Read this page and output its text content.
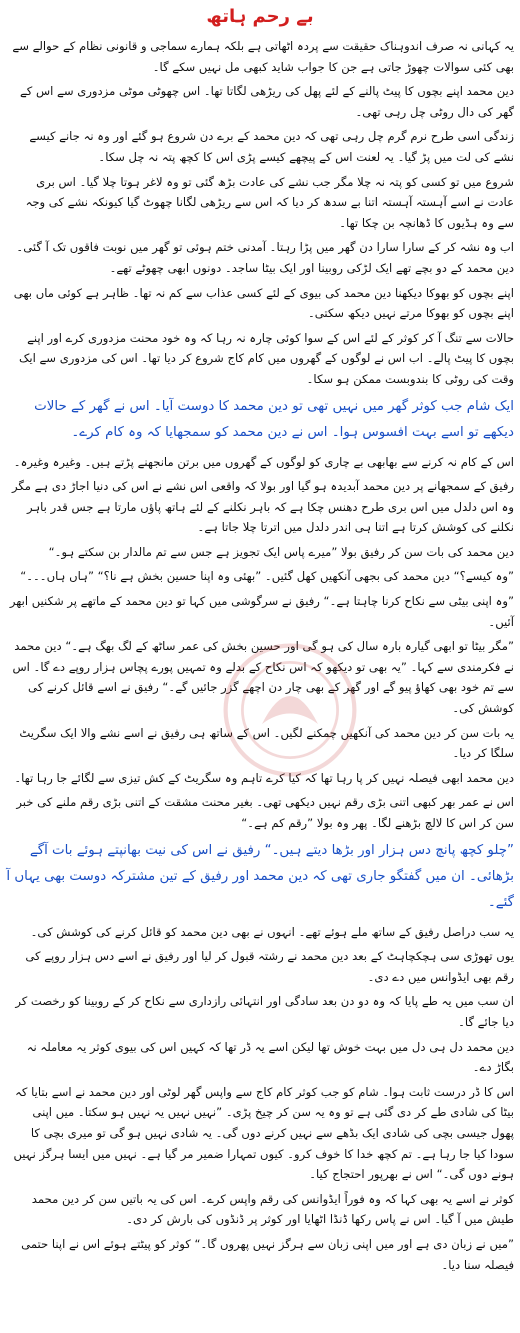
بے رحم ہاتھ

یہ کہانی نہ صرف اندوہناک حقیقت سے پردہ اٹھاتی ہے بلکہ ہمارے سماجی و قانونی نظام کے حوالے سے بھی کئی سوالات چھوڑ جاتی ہے جن کا جواب شاید کبھی مل نہیں سکے گا۔

دین محمد اپنے بچوں کا پیٹ پالنے کے لئے پھل کی ریڑھی لگاتا تھا۔ اس چھوٹی موٹی مزدوری سے اس کے گھر کی دال روٹی چل رہی تھی۔

زندگی اسی طرح نرم گرم چل رہی تھی کہ دین محمد کے برے دن شروع ہو گئے اور وہ نہ جانے کیسے نشے کی لت میں پڑ گیا۔ یہ لعنت اس کے پیچھے کیسے پڑی اس کا کچھ پتہ نہ چل سکا۔

شروع میں تو کسی کو پتہ نہ چلا مگر جب نشے کی عادت بڑھ گئی تو وہ لاغر ہوتا چلا گیا۔ اس بری عادت نے اسے آہستہ آہستہ اتنا بے سدھ کر دیا کہ اس سے ریڑھی لگانا چھوٹ گیا کیونکہ نشے کی وجہ سے وہ ہڈیوں کا ڈھانچہ بن چکا تھا۔

اب وہ نشہ کر کے سارا سارا دن گھر میں پڑا رہتا۔ آمدنی ختم ہوئی تو گھر میں نوبت فاقوں تک آ گئی۔ دین محمد کے دو بچے تھے ایک لڑکی روبینا اور ایک بیٹا ساجد۔ دونوں ابھی چھوٹے تھے۔

اپنے بچوں کو بھوکا دیکھنا دین محمد کی بیوی کے لئے کسی عذاب سے کم نہ تھا۔ ظاہر ہے کوئی ماں بھی اپنے بچوں کو بھوکا مرتے نہیں دیکھ سکتی۔

حالات سے تنگ آ کر کوثر کے لئے اس کے سوا کوئی چارہ نہ رہا کہ وہ خود محنت مزدوری کرے اور اپنے بچوں کا پیٹ پالے۔ اب اس نے لوگوں کے گھروں میں کام کاج شروع کر دیا تھا۔ اس کی مزدوری سے ایک وقت کی روٹی کا بندوبست ممکن ہو سکا۔

ایک شام جب کوثر گھر میں نہیں تھی تو دین محمد کا دوست آیا۔ اس نے گھر کے حالات دیکھے تو اسے بہت افسوس ہوا۔ اس نے دین محمد کو سمجھایا کہ وہ کام کرے۔

اس کے کام نہ کرنے سے بھابھی بے چاری کو لوگوں کے گھروں میں برتن مانجھنے پڑتے ہیں۔ وغیرہ وغیرہ۔

رفیق کے سمجھانے پر دین محمد آبدیدہ ہو گیا اور بولا کہ واقعی اس نشے نے اس کی دنیا اجاڑ دی ہے مگر وہ اس دلدل میں اس بری طرح دھنس چکا ہے کہ باہر نکلنے کے لئے ہاتھ پاؤں مارتا ہے جس قدر باہر نکلنے کی کوشش کرتا ہے اتنا ہی اندر دلدل میں اترتا چلا جاتا ہے۔

دین محمد کی بات سن کر رفیق بولا ”میرے پاس ایک تجویز ہے جس سے تم مالدار بن سکتے ہو۔“

”وہ کیسے؟“ دین محمد کی بجھی آنکھیں کھل گئیں۔ ”بھئی وہ اپنا حسین بخش ہے نا؟“ ”ہاں ہاں۔۔۔“

”وہ اپنی بیٹی سے نکاح کرنا چاہتا ہے۔“ رفیق نے سرگوشی میں کہا تو دین محمد کے ماتھے پر شکنیں ابھر آئیں۔

”مگر بیٹا تو ابھی گیارہ بارہ سال کی ہو گی اور حسین بخش کی عمر ساٹھ کے لگ بھگ ہے۔“ دین محمد نے فکرمندی سے کہا۔ ”یہ بھی تو دیکھو کہ اس نکاح کے بدلے وہ تمہیں پورے پچاس ہزار روپے دے گا۔ اس سے تم خود بھی کھاؤ پیو گے اور گھر کے بھی چار دن اچھے گزر جائیں گے۔“ رفیق نے اسے قائل کرنے کی کوشش کی۔

یہ بات سن کر دین محمد کی آنکھیں چمکنے لگیں۔ اس کے ساتھ ہی رفیق نے اسے نشے والا ایک سگریٹ سلگا کر دیا۔

دین محمد ابھی فیصلہ نہیں کر پا رہا تھا کہ کیا کرے تاہم وہ سگریٹ کے کش تیزی سے لگائے جا رہا تھا۔

اس نے عمر بھر کبھی اتنی بڑی رقم نہیں دیکھی تھی۔ بغیر محنت مشقت کے اتنی بڑی رقم ملنے کی خبر سن کر اس کا لالچ بڑھنے لگا۔ پھر وہ بولا ”رقم کم ہے۔“

”چلو کچھ پانچ دس ہزار اور بڑھا دیتے ہیں۔“ رفیق نے اس کی نیت بھانپتے ہوئے بات آگے بڑھائی۔ ان میں گفتگو جاری تھی کہ دین محمد اور رفیق کے تین مشترکہ دوست بھی یہاں آ گئے۔

یہ سب دراصل رفیق کے ساتھ ملے ہوئے تھے۔ انہوں نے بھی دین محمد کو قائل کرنے کی کوشش کی۔

یوں تھوڑی سی ہچکچاہٹ کے بعد دین محمد نے رشتہ قبول کر لیا اور رفیق نے اسے دس ہزار روپے کی رقم بھی ایڈوانس میں دے دی۔

ان سب میں یہ طے پایا کہ وہ دو دن بعد سادگی اور انتہائی رازداری سے نکاح کر کے روبینا کو رخصت کر دیا جائے گا۔

دین محمد دل ہی دل میں بہت خوش تھا لیکن اسے یہ ڈر تھا کہ کہیں اس کی بیوی کوثر یہ معاملہ نہ بگاڑ دے۔

اس کا ڈر درست ثابت ہوا۔ شام کو جب کوثر کام کاج سے واپس گھر لوٹی اور دین محمد نے اسے بتایا کہ بیٹا کی شادی طے کر دی گئی ہے تو وہ یہ سن کر چیخ پڑی۔ ”نہیں نہیں یہ نہیں ہو سکتا۔ میں اپنی پھول جیسی بچی کی شادی ایک بڈھے سے نہیں کرنے دوں گی۔ یہ شادی نہیں ہو گی تو میری بچی کا سودا کیا جا رہا ہے۔ تم کچھ خدا کا خوف کرو۔ کیوں تمہارا ضمیر مر گیا ہے۔ نہیں میں ایسا ہرگز نہیں ہونے دوں گی۔“ اس نے بھرپور احتجاج کیا۔

کوثر نے اسے یہ بھی کہا کہ وہ فوراً ایڈوانس کی رقم واپس کرے۔ اس کی یہ باتیں سن کر دین محمد طیش میں آ گیا۔ اس نے پاس رکھا ڈنڈا اٹھایا اور کوثر پر ڈنڈوں کی بارش کر دی۔

”میں نے زبان دی ہے اور میں اپنی زبان سے ہرگز نہیں پھروں گا۔“ کوثر کو پیٹتے ہوئے اس نے اپنا حتمی فیصلہ سنا دیا۔
